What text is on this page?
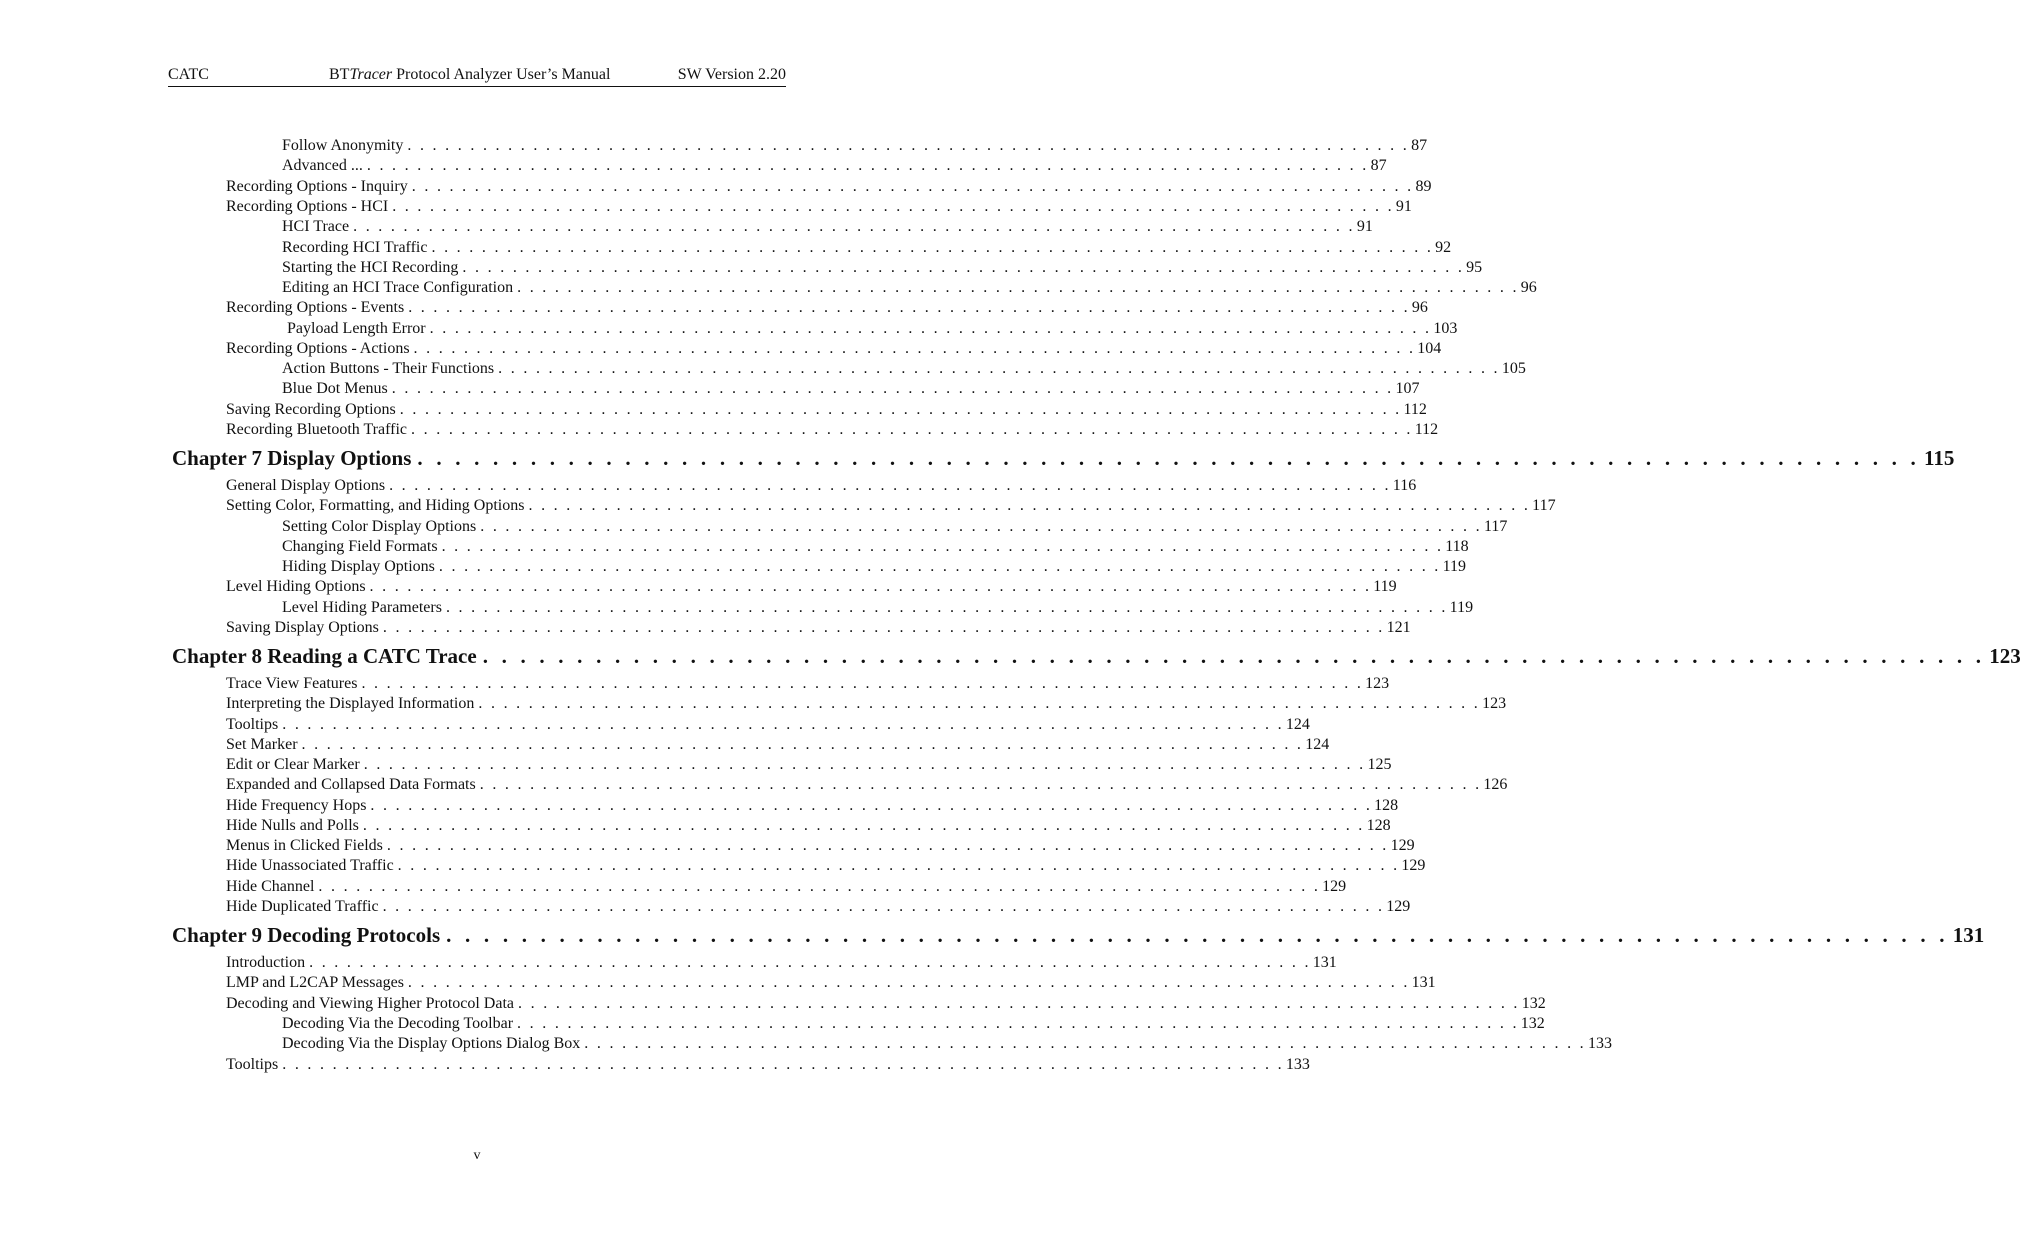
CATC	BTTracer Protocol Analyzer User’s Manual	SW Version 2.20
Follow Anonymity . . . . . . . . . . . . . . . . . . . . . . . . . . . . . . . . . . . . . . . . . . . . . . . . . . . . . . . . . . . . . . . . . . . . . . . . . . . . . . . . 87
Advanced ... . . . . . . . . . . . . . . . . . . . . . . . . . . . . . . . . . . . . . . . . . . . . . . . . . . . . . . . . . . . . . . . . . . . . . . . . . . . . . . . . 87
Recording Options - Inquiry . . . . . . . . . . . . . . . . . . . . . . . . . . . . . . . . . . . . . . . . . . . . . . . . . . . . . . . . . . . . . . . . . . . . . . . . . . . . . . . . 89
Recording Options - HCI . . . . . . . . . . . . . . . . . . . . . . . . . . . . . . . . . . . . . . . . . . . . . . . . . . . . . . . . . . . . . . . . . . . . . . . . . . . . . . . . 91
HCI Trace . . . . . . . . . . . . . . . . . . . . . . . . . . . . . . . . . . . . . . . . . . . . . . . . . . . . . . . . . . . . . . . . . . . . . . . . . . . . . . . . 91
Recording HCI Traffic . . . . . . . . . . . . . . . . . . . . . . . . . . . . . . . . . . . . . . . . . . . . . . . . . . . . . . . . . . . . . . . . . . . . . . . . . . . . . . . . 92
Starting the HCI Recording . . . . . . . . . . . . . . . . . . . . . . . . . . . . . . . . . . . . . . . . . . . . . . . . . . . . . . . . . . . . . . . . . . . . . . . . . . . . . . . . 95
Editing an HCI Trace Configuration . . . . . . . . . . . . . . . . . . . . . . . . . . . . . . . . . . . . . . . . . . . . . . . . . . . . . . . . . . . . . . . . . . . . . . . . . . . . . . . . 96
Recording Options - Events . . . . . . . . . . . . . . . . . . . . . . . . . . . . . . . . . . . . . . . . . . . . . . . . . . . . . . . . . . . . . . . . . . . . . . . . . . . . . . . . 96
Payload Length Error . . . . . . . . . . . . . . . . . . . . . . . . . . . . . . . . . . . . . . . . . . . . . . . . . . . . . . . . . . . . . . . . . . . . . . . . . . . . . . . . 103
Recording Options - Actions . . . . . . . . . . . . . . . . . . . . . . . . . . . . . . . . . . . . . . . . . . . . . . . . . . . . . . . . . . . . . . . . . . . . . . . . . . . . . . . . 104
Action Buttons - Their Functions . . . . . . . . . . . . . . . . . . . . . . . . . . . . . . . . . . . . . . . . . . . . . . . . . . . . . . . . . . . . . . . . . . . . . . . . . . . . . . . . 105
Blue Dot Menus . . . . . . . . . . . . . . . . . . . . . . . . . . . . . . . . . . . . . . . . . . . . . . . . . . . . . . . . . . . . . . . . . . . . . . . . . . . . . . . . 107
Saving Recording Options . . . . . . . . . . . . . . . . . . . . . . . . . . . . . . . . . . . . . . . . . . . . . . . . . . . . . . . . . . . . . . . . . . . . . . . . . . . . . . . . 112
Recording Bluetooth Traffic . . . . . . . . . . . . . . . . . . . . . . . . . . . . . . . . . . . . . . . . . . . . . . . . . . . . . . . . . . . . . . . . . . . . . . . . . . . . . . . . 112
Chapter 7 Display Options . . . . . . . . . . . . . . . . . . . . . . . . . . . . . . . . . . . . . . . . . . . . . . . . . . . . . . . . . . . . . . . . . . . . . . . . . . . . . . . . 115
General Display Options . . . . . . . . . . . . . . . . . . . . . . . . . . . . . . . . . . . . . . . . . . . . . . . . . . . . . . . . . . . . . . . . . . . . . . . . . . . . . . . . 116
Setting Color, Formatting, and Hiding Options . . . . . . . . . . . . . . . . . . . . . . . . . . . . . . . . . . . . . . . . . . . . . . . . . . . . . . . . . . . . . . . . . . . . . . . . . . . . . . . . 117
Setting Color Display Options . . . . . . . . . . . . . . . . . . . . . . . . . . . . . . . . . . . . . . . . . . . . . . . . . . . . . . . . . . . . . . . . . . . . . . . . . . . . . . . . 117
Changing Field Formats . . . . . . . . . . . . . . . . . . . . . . . . . . . . . . . . . . . . . . . . . . . . . . . . . . . . . . . . . . . . . . . . . . . . . . . . . . . . . . . . 118
Hiding Display Options . . . . . . . . . . . . . . . . . . . . . . . . . . . . . . . . . . . . . . . . . . . . . . . . . . . . . . . . . . . . . . . . . . . . . . . . . . . . . . . . 119
Level Hiding Options . . . . . . . . . . . . . . . . . . . . . . . . . . . . . . . . . . . . . . . . . . . . . . . . . . . . . . . . . . . . . . . . . . . . . . . . . . . . . . . . 119
Level Hiding Parameters . . . . . . . . . . . . . . . . . . . . . . . . . . . . . . . . . . . . . . . . . . . . . . . . . . . . . . . . . . . . . . . . . . . . . . . . . . . . . . . . 119
Saving Display Options . . . . . . . . . . . . . . . . . . . . . . . . . . . . . . . . . . . . . . . . . . . . . . . . . . . . . . . . . . . . . . . . . . . . . . . . . . . . . . . . 121
Chapter 8 Reading a CATC Trace . . . . . . . . . . . . . . . . . . . . . . . . . . . . . . . . . . . . . . . . . . . . . . . . . . . . . . . . . . . . . . . . . . . . . . . . . . . . . . . . 123
Trace View Features . . . . . . . . . . . . . . . . . . . . . . . . . . . . . . . . . . . . . . . . . . . . . . . . . . . . . . . . . . . . . . . . . . . . . . . . . . . . . . . . 123
Interpreting the Displayed Information . . . . . . . . . . . . . . . . . . . . . . . . . . . . . . . . . . . . . . . . . . . . . . . . . . . . . . . . . . . . . . . . . . . . . . . . . . . . . . . . 123
Tooltips . . . . . . . . . . . . . . . . . . . . . . . . . . . . . . . . . . . . . . . . . . . . . . . . . . . . . . . . . . . . . . . . . . . . . . . . . . . . . . . . 124
Set Marker . . . . . . . . . . . . . . . . . . . . . . . . . . . . . . . . . . . . . . . . . . . . . . . . . . . . . . . . . . . . . . . . . . . . . . . . . . . . . . . . 124
Edit or Clear Marker . . . . . . . . . . . . . . . . . . . . . . . . . . . . . . . . . . . . . . . . . . . . . . . . . . . . . . . . . . . . . . . . . . . . . . . . . . . . . . . . 125
Expanded and Collapsed Data Formats . . . . . . . . . . . . . . . . . . . . . . . . . . . . . . . . . . . . . . . . . . . . . . . . . . . . . . . . . . . . . . . . . . . . . . . . . . . . . . . . 126
Hide Frequency Hops . . . . . . . . . . . . . . . . . . . . . . . . . . . . . . . . . . . . . . . . . . . . . . . . . . . . . . . . . . . . . . . . . . . . . . . . . . . . . . . . 128
Hide Nulls and Polls . . . . . . . . . . . . . . . . . . . . . . . . . . . . . . . . . . . . . . . . . . . . . . . . . . . . . . . . . . . . . . . . . . . . . . . . . . . . . . . . 128
Menus in Clicked Fields . . . . . . . . . . . . . . . . . . . . . . . . . . . . . . . . . . . . . . . . . . . . . . . . . . . . . . . . . . . . . . . . . . . . . . . . . . . . . . . . 129
Hide Unassociated Traffic . . . . . . . . . . . . . . . . . . . . . . . . . . . . . . . . . . . . . . . . . . . . . . . . . . . . . . . . . . . . . . . . . . . . . . . . . . . . . . . . 129
Hide Channel . . . . . . . . . . . . . . . . . . . . . . . . . . . . . . . . . . . . . . . . . . . . . . . . . . . . . . . . . . . . . . . . . . . . . . . . . . . . . . . . 129
Hide Duplicated Traffic . . . . . . . . . . . . . . . . . . . . . . . . . . . . . . . . . . . . . . . . . . . . . . . . . . . . . . . . . . . . . . . . . . . . . . . . . . . . . . . . 129
Chapter 9 Decoding Protocols . . . . . . . . . . . . . . . . . . . . . . . . . . . . . . . . . . . . . . . . . . . . . . . . . . . . . . . . . . . . . . . . . . . . . . . . . . . . . . . . 131
Introduction . . . . . . . . . . . . . . . . . . . . . . . . . . . . . . . . . . . . . . . . . . . . . . . . . . . . . . . . . . . . . . . . . . . . . . . . . . . . . . . . 131
LMP and L2CAP Messages . . . . . . . . . . . . . . . . . . . . . . . . . . . . . . . . . . . . . . . . . . . . . . . . . . . . . . . . . . . . . . . . . . . . . . . . . . . . . . . . 131
Decoding and Viewing Higher Protocol Data . . . . . . . . . . . . . . . . . . . . . . . . . . . . . . . . . . . . . . . . . . . . . . . . . . . . . . . . . . . . . . . . . . . . . . . . . . . . . . . . 132
Decoding Via the Decoding Toolbar . . . . . . . . . . . . . . . . . . . . . . . . . . . . . . . . . . . . . . . . . . . . . . . . . . . . . . . . . . . . . . . . . . . . . . . . . . . . . . . . 132
Decoding Via the Display Options Dialog Box . . . . . . . . . . . . . . . . . . . . . . . . . . . . . . . . . . . . . . . . . . . . . . . . . . . . . . . . . . . . . . . . . . . . . . . . . . . . . . . . 133
Tooltips . . . . . . . . . . . . . . . . . . . . . . . . . . . . . . . . . . . . . . . . . . . . . . . . . . . . . . . . . . . . . . . . . . . . . . . . . . . . . . . . 133
v
